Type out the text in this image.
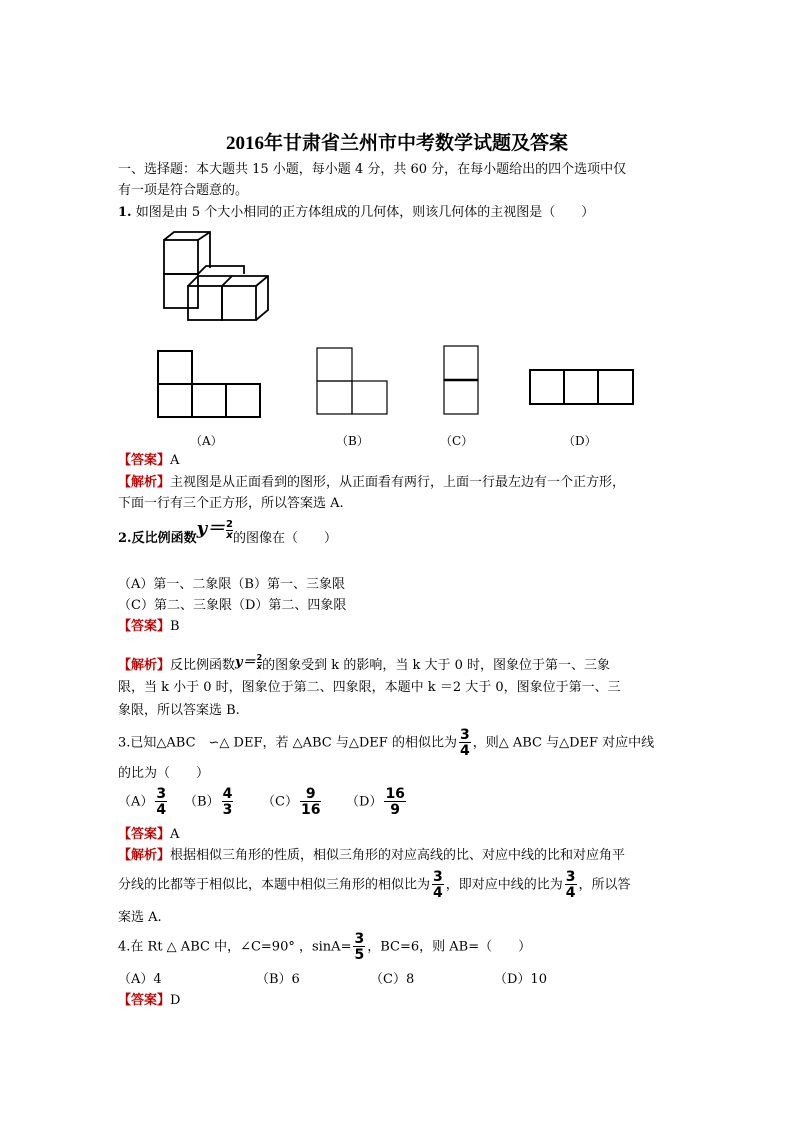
2016年甘肃省兰州市中考数学试题及答案
一、选择题：本大题共 15 小题，每小题 4 分，共 60 分，在每小题给出的四个选项中仅
有一项是符合题意的。
1. 如图是由 5 个大小相同的正方体组成的几何体，则该几何体的主视图是（　　）
（A）	（B）	（C）	（D）
【答案】A
【解析】主视图是从正面看到的图形，从正面看有两行，上面一行最左边有一个正方形，
下面一行有三个正方形，所以答案选 A.
2.反比例函数$y= \frac{2}{x}$ 的图像在（　　）
（A）第一、二象限（B）第一、三象限
（C）第二、三象限（D）第二、四象限
【答案】B
【解析】反比例函数$y= \frac{2}{x}$ 的图象受到 k 的影响，当 k 大于 0 时，图象位于第一、三象
限，当 k 小于 0 时，图象位于第二、四象限，本题中 k ＝2 大于 0，图象位于第一、三
象限，所以答案选 B.
3.已知△ABC　∽△ DEF，若 △ABC 与△DEF 的相似比为 $\frac{3}{4}$ ，则△ ABC 与△DEF 对应中线
的比为（　　）
$(A) \frac{3}{4} (B) \frac{4}{3} (C) \frac{9}{16} (D) \frac{16}{9}$
【答案】A
【解析】根据相似三角形的性质，相似三角形的对应高线的比、对应中线的比和对应角平
分线的比都等于相似比，本题中相似三角形的相似比为 $\frac{3}{4}$ ，即对应中线的比为 $\frac{3}{4}$ ，所以答
案选 A.
4.在 Rt △ ABC 中，∠C=90° ，$\sin A= \frac{3}{5}$ ，BC=6，则 AB=（　　）
（A）4	（B）6	（C）8	（D）10
【答案】D
